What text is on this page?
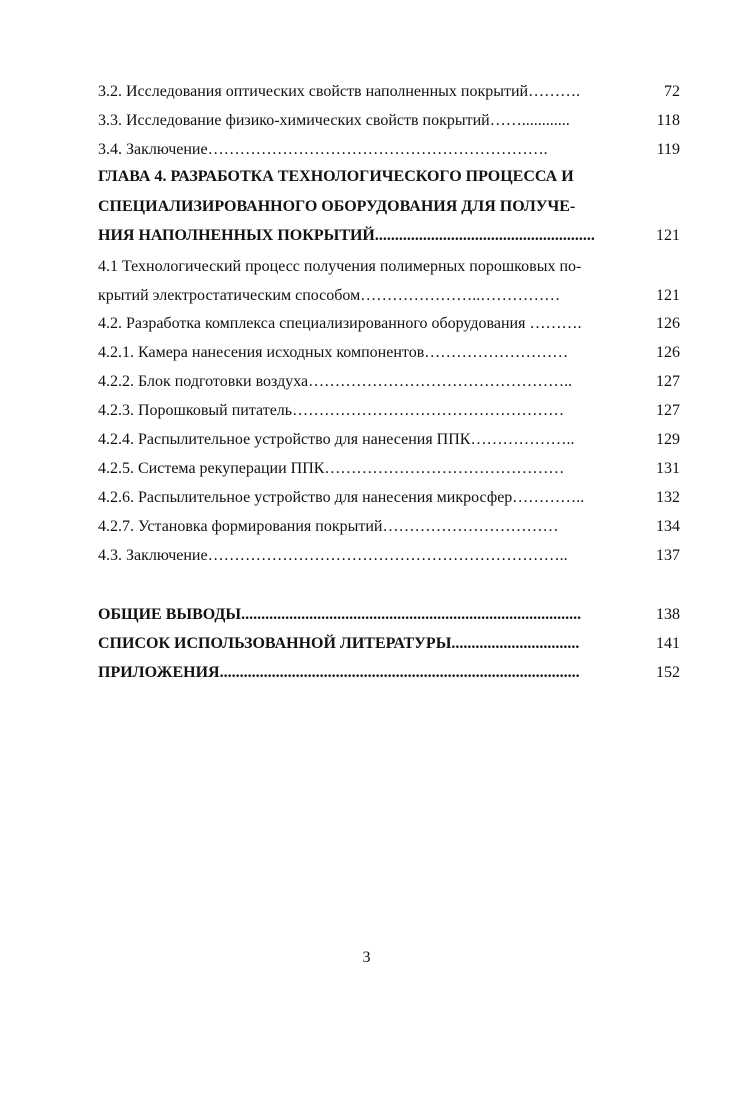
3.2. Исследования оптических свойств наполненных покрытий……….	72
3.3. Исследование физико-химических свойств покрытий……............	118
3.4. Заключение……………………………………………………….	119
ГЛАВА 4. РАЗРАБОТКА ТЕХНОЛОГИЧЕСКОГО ПРОЦЕССА И
СПЕЦИАЛИЗИРОВАННОГО ОБОРУДОВАНИЯ ДЛЯ ПОЛУЧЕ-
НИЯ НАПОЛНЕННЫХ ПОКРЫТИЙ.......................................................	121
4.1 Технологический процесс получения полимерных порошковых по-
крытий электростатическим способом…………………..……………	121
4.2. Разработка комплекса специализированного оборудования ……….	126
4.2.1. Камера нанесения исходных компонентов………………………	126
4.2.2. Блок подготовки воздуха…………………………………………..	127
4.2.3. Порошковый питатель……………………………………………	127
4.2.4. Распылительное устройство для нанесения ППК………………..	129
4.2.5. Система рекуперации ППК………………………………………	131
4.2.6. Распылительное устройство для нанесения микросфер…………..	132
4.2.7. Установка формирования покрытий……………………………	134
4.3. Заключение…………………………………………………………..	137
ОБЩИЕ ВЫВОДЫ.....................................................................................	138
СПИСОК ИСПОЛЬЗОВАННОЙ ЛИТЕРАТУРЫ................................	141
ПРИЛОЖЕНИЯ..........................................................................................	152
3
